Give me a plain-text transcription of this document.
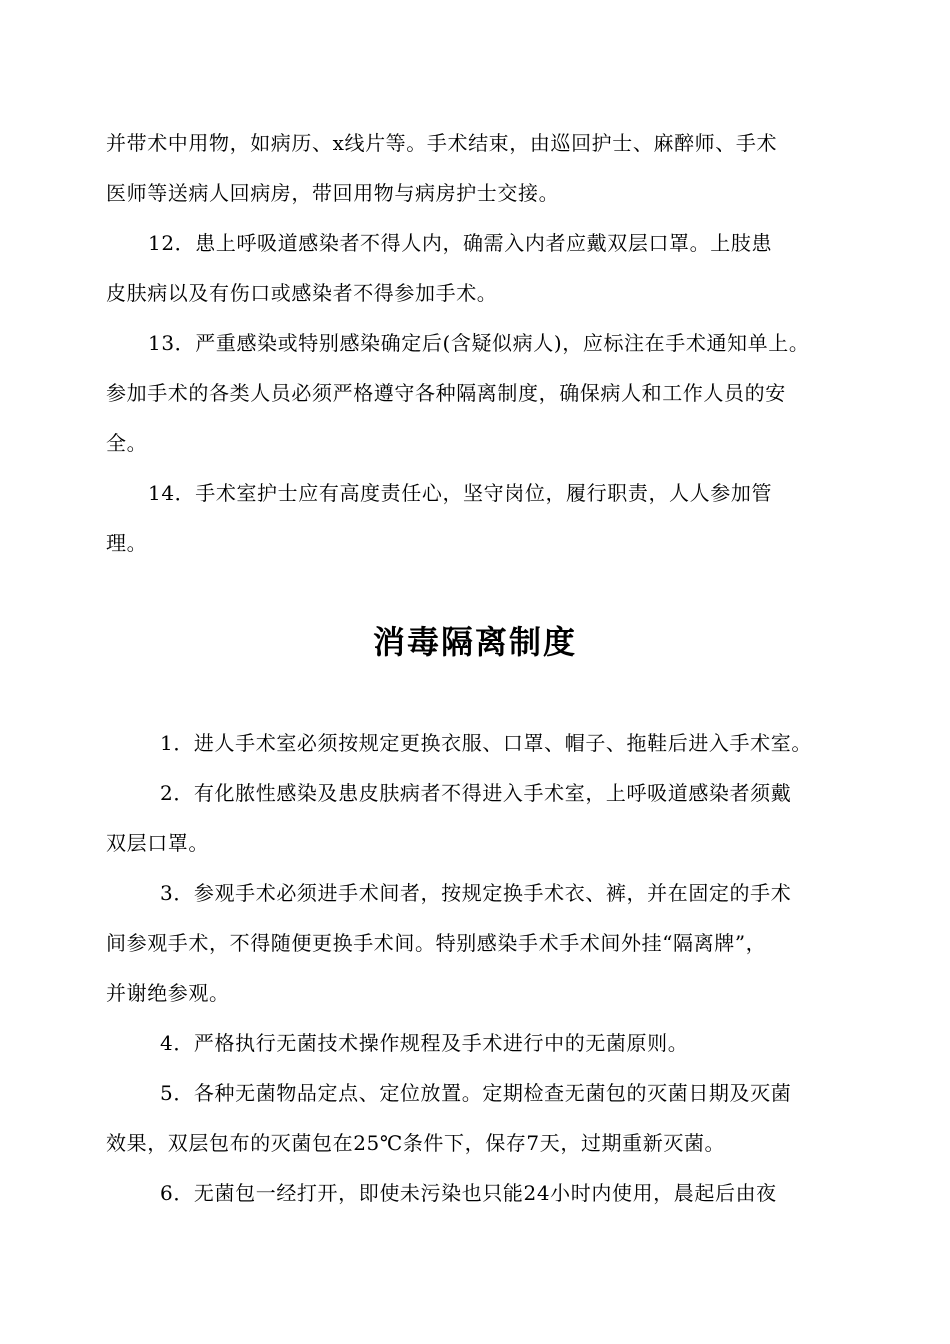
并带术中用物，如病历、x线片等。手术结束，由巡回护士、麻醉师、手术
医师等送病人回病房，带回用物与病房护士交接。
12．患上呼吸道感染者不得人内，确需入内者应戴双层口罩。上肢患
皮肤病以及有伤口或感染者不得参加手术。
13．严重感染或特别感染确定后(含疑似病人)，应标注在手术通知单上。
参加手术的各类人员必须严格遵守各种隔离制度，确保病人和工作人员的安
全。
14．手术室护士应有高度责任心，坚守岗位，履行职责，人人参加管
理。
消毒隔离制度
1．进人手术室必须按规定更换衣服、口罩、帽子、拖鞋后进入手术室。
2．有化脓性感染及患皮肤病者不得进入手术室，上呼吸道感染者须戴
双层口罩。
3．参观手术必须进手术间者，按规定换手术衣、裤，并在固定的手术
间参观手术，不得随便更换手术间。特别感染手术手术间外挂“隔离牌”，
并谢绝参观。
4．严格执行无菌技术操作规程及手术进行中的无菌原则。
5．各种无菌物品定点、定位放置。定期检查无菌包的灭菌日期及灭菌
效果，双层包布的灭菌包在25℃条件下，保存7天，过期重新灭菌。
6．无菌包一经打开，即使未污染也只能24小时内使用，晨起后由夜
